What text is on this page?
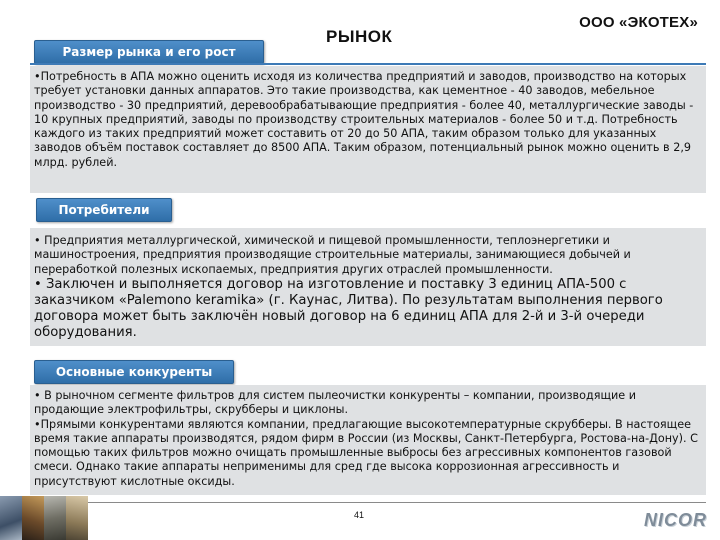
ООО «ЭКОТЕХ»
РЫНОК
Размер рынка и его рост
•Потребность в АПА можно оценить исходя из количества предприятий и заводов, производство на которых требует установки данных аппаратов. Это такие производства, как цементное - 40 заводов, мебельное производство - 30 предприятий, деревообрабатывающие предприятия - более 40, металлургические заводы - 10 крупных предприятий, заводы по производству строительных материалов - более 50 и т.д. Потребность каждого из таких предприятий может составить от 20 до 50 АПА, таким образом только для указанных заводов объём поставок составляет до 8500 АПА. Таким образом, потенциальный рынок можно оценить в 2,9 млрд. рублей.
Потребители

• Предприятия металлургической, химической и пищевой промышленности, теплоэнергетики и машиностроения, предприятия производящие строительные материалы, занимающиеся добычей и переработкой полезных ископаемых, предприятия других отраслей промышленности.

• Заключен и выполняется договор на изготовление и поставку 3 единиц АПА-500 с заказчиком «Palemono keramika» (г. Каунас, Литва). По результатам выполнения первого договора может быть заключён новый договор на 6 единиц АПА для 2-й и 3-й очереди оборудования.

Основные конкуренты

• В рыночном сегменте фильтров для систем пылеочистки конкуренты – компании, производящие и продающие электрофильтры, скрубберы и циклоны.

•Прямыми конкурентами являются компании, предлагающие высокотемпературные скрубберы. В настоящее время такие аппараты производятся, рядом фирм в России (из Москвы, Санкт-Петербурга, Ростова-на-Дону). С помощью таких фильтров можно очищать промышленные выбросы без агрессивных компонентов газовой смеси. Однако такие аппараты неприменимы для сред где высока коррозионная агрессивность и присутствуют кислотные оксиды.

41	NICOR
